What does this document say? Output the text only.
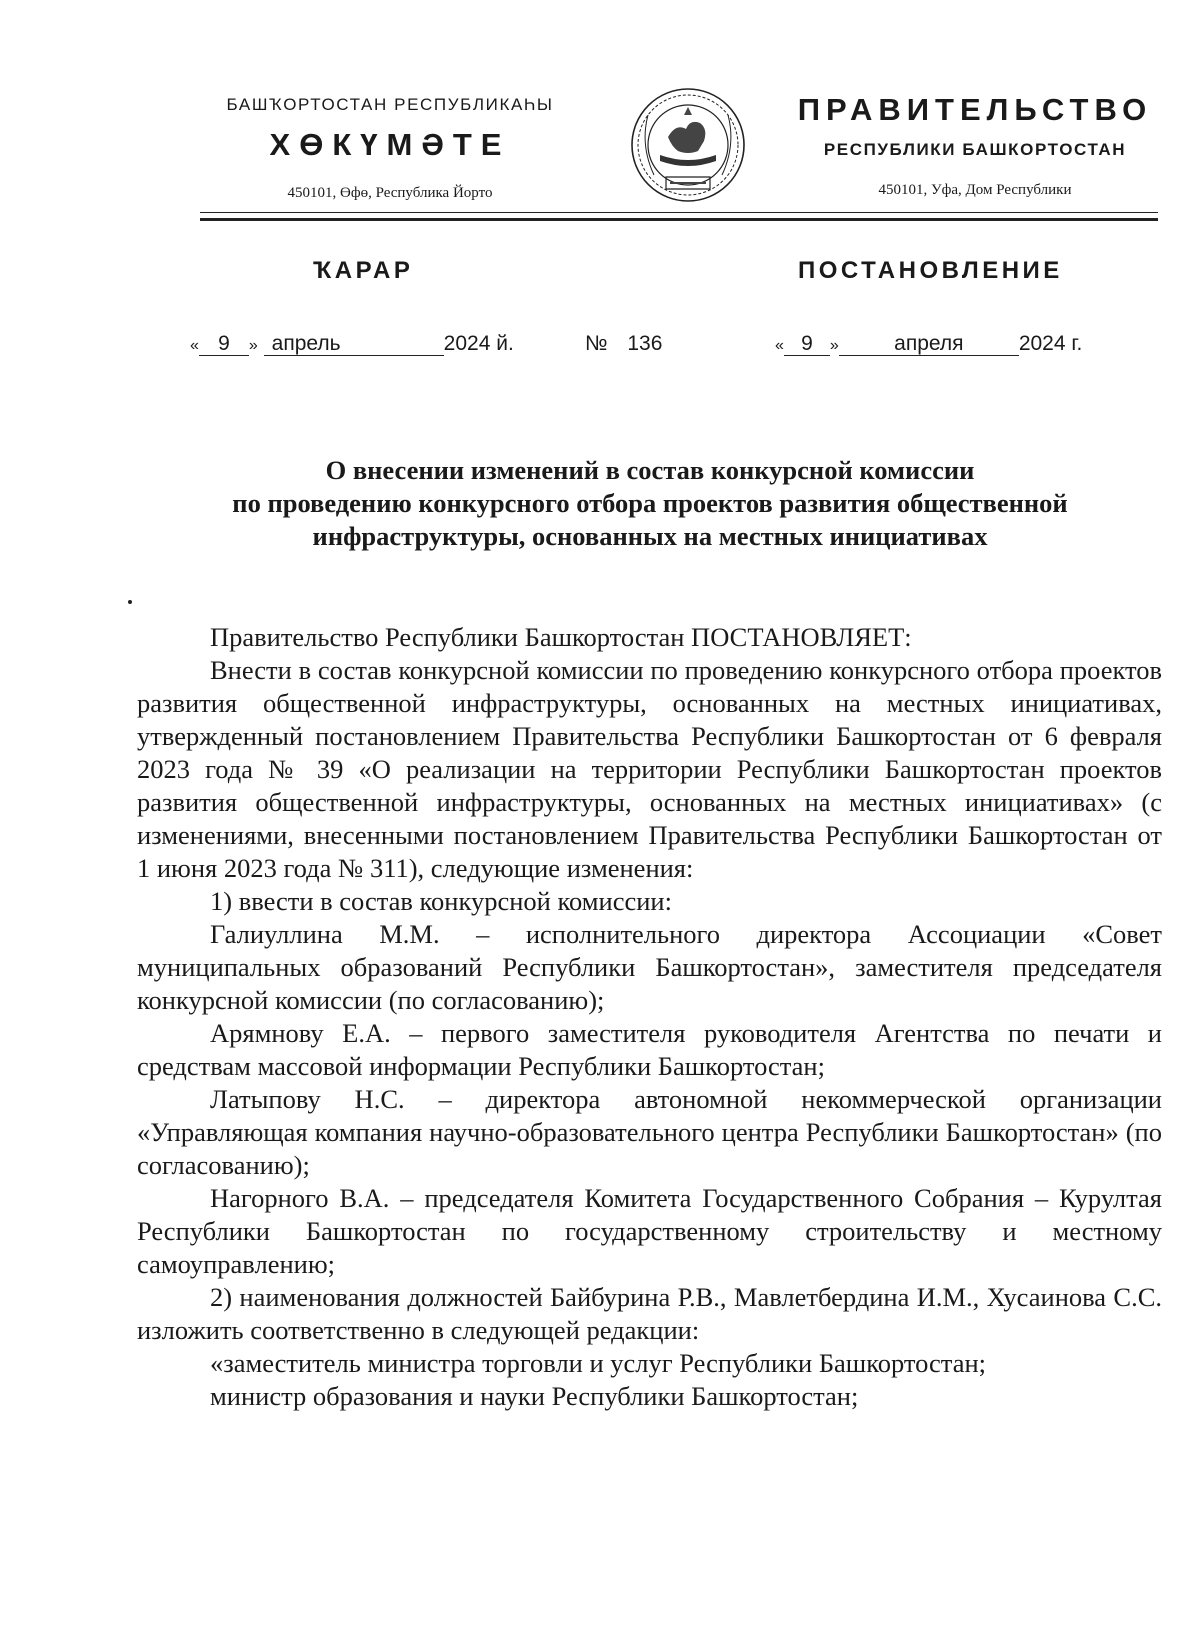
БАШҠОРТОСТАН РЕСПУБЛИКАҺЫ
ХӨКҮМӘТЕ
450101, Өфө, Республика Йорто
ПРАВИТЕЛЬСТВО
РЕСПУБЛИКИ БАШКОРТОСТАН
450101, Уфа, Дом Республики
ҠАРАР	ПОСТАНОВЛЕНИЕ
« 9 » апрель	2024 й.	№ 136	« 9 »	апреля	2024 г.
О внесении изменений в состав конкурсной комиссии
по проведению конкурсного отбора проектов развития общественной
инфраструктуры, основанных на местных инициативах

Правительство Республики Башкортостан ПОСТАНОВЛЯЕТ:

Внести в состав конкурсной комиссии по проведению конкурсного отбора проектов развития общественной инфраструктуры, основанных на местных инициативах, утвержденный постановлением Правительства Республики Башкортостан от 6 февраля 2023 года № 39 «О реализации на территории Республики Башкортостан проектов развития общественной инфраструктуры, основанных на местных инициативах» (с изменениями, внесенными постановлением Правительства Республики Башкортостан от 1 июня 2023 года № 311), следующие изменения:

1) ввести в состав конкурсной комиссии:

Галиуллина М.М. – исполнительного директора Ассоциации «Совет муниципальных образований Республики Башкортостан», заместителя председателя конкурсной комиссии (по согласованию);

Арямнову Е.А. – первого заместителя руководителя Агентства по печати и средствам массовой информации Республики Башкортостан;

Латыпову Н.С. – директора автономной некоммерческой организации «Управляющая компания научно-образовательного центра Республики Башкортостан» (по согласованию);

Нагорного В.А. – председателя Комитета Государственного Собрания – Курултая Республики Башкортостан по государственному строительству и местному самоуправлению;

2) наименования должностей Байбурина Р.В., Мавлетбердина И.М., Хусаинова С.С. изложить соответственно в следующей редакции:

«заместитель министра торговли и услуг Республики Башкортостан;

министр образования и науки Республики Башкортостан;
